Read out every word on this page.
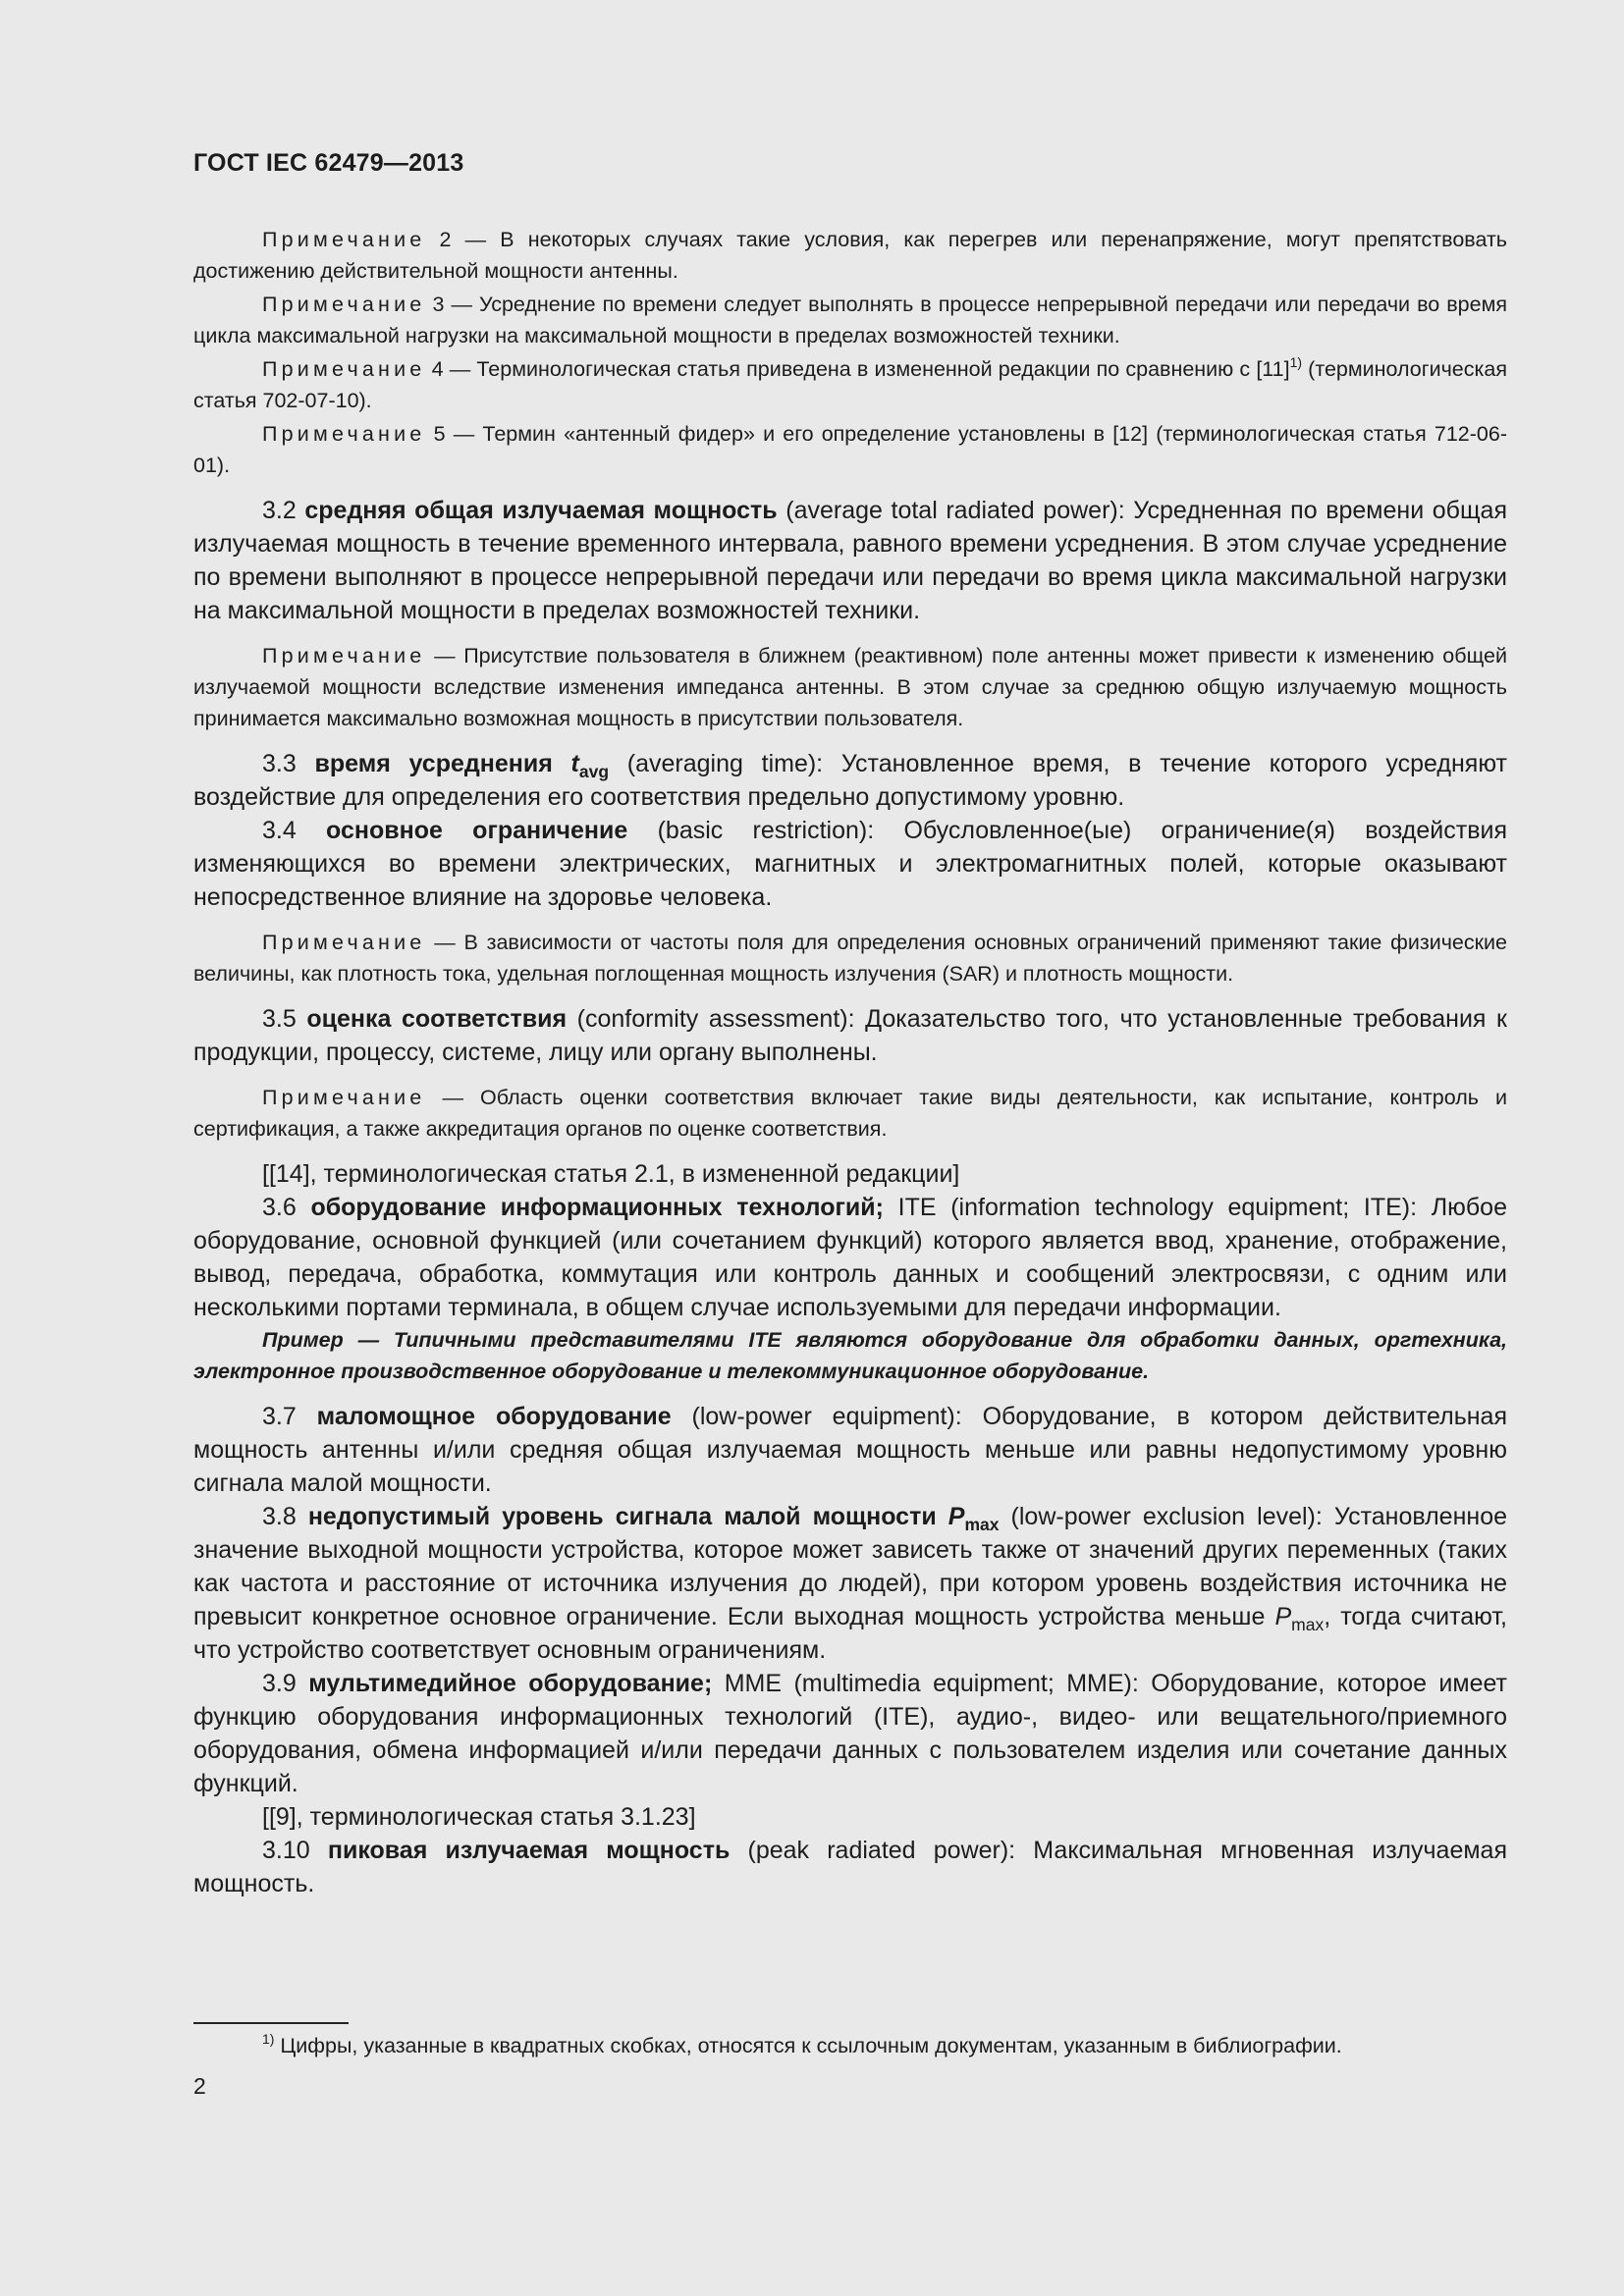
ГОСТ IEC 62479—2013

Примечание 2 — В некоторых случаях такие условия, как перегрев или перенапряжение, могут препятствовать достижению действительной мощности антенны.

Примечание 3 — Усреднение по времени следует выполнять в процессе непрерывной передачи или передачи во время цикла максимальной нагрузки на максимальной мощности в пределах возможностей техники.

Примечание 4 — Терминологическая статья приведена в измененной редакции по сравнению с $[11]^{1)}$ (терминологическая статья 702-07-10).

Примечание 5 — Термин «антенный фидер» и его определение установлены в [12] (терминологическая статья 712-06-01).

3.2 средняя общая излучаемая мощность (average total radiated power): Усредненная по времени общая излучаемая мощность в течение временного интервала, равного времени усреднения. В этом случае усреднение по времени выполняют в процессе непрерывной передачи или передачи во время цикла максимальной нагрузки на максимальной мощности в пределах возможностей техники.

Примечание — Присутствие пользователя в ближнем (реактивном) поле антенны может привести к изменению общей излучаемой мощности вследствие изменения импеданса антенны. В этом случае за среднюю общую излучаемую мощность принимается максимально возможная мощность в присутствии пользователя.

3.3 время усреднения $t_{avg}$ (averaging time): Установленное время, в течение которого усредняют воздействие для определения его соответствия предельно допустимому уровню.

3.4 основное ограничение (basic restriction): Обусловленное(ые) ограничение(я) воздействия изменяющихся во времени электрических, магнитных и электромагнитных полей, которые оказывают непосредственное влияние на здоровье человека.

Примечание — В зависимости от частоты поля для определения основных ограничений применяют такие физические величины, как плотность тока, удельная поглощенная мощность излучения (SAR) и плотность мощности.

3.5 оценка соответствия (conformity assessment): Доказательство того, что установленные требования к продукции, процессу, системе, лицу или органу выполнены.

Примечание — Область оценки соответствия включает такие виды деятельности, как испытание, контроль и сертификация, а также аккредитация органов по оценке соответствия.

[[14], терминологическая статья 2.1, в измененной редакции]

3.6 оборудование информационных технологий; ITE (information technology equipment; ITE): Любое оборудование, основной функцией (или сочетанием функций) которого является ввод, хранение, отображение, вывод, передача, обработка, коммутация или контроль данных и сообщений электросвязи, с одним или несколькими портами терминала, в общем случае используемыми для передачи информации.

Пример — Типичными представителями ITE являются оборудование для обработки данных, оргтехника, электронное производственное оборудование и телекоммуникационное оборудование.

3.7 маломощное оборудование (low-power equipment): Оборудование, в котором действительная мощность антенны и/или средняя общая излучаемая мощность меньше или равны недопустимому уровню сигнала малой мощности.

3.8 недопустимый уровень сигнала малой мощности $P_{max}$ (low-power exclusion level): Установленное значение выходной мощности устройства, которое может зависеть также от значений других переменных (таких как частота и расстояние от источника излучения до людей), при котором уровень воздействия источника не превысит конкретное основное ограничение. Если выходная мощность устройства меньше $P_{max}$, тогда считают, что устройство соответствует основным ограничениям.

3.9 мультимедийное оборудование; MME (multimedia equipment; MME): Оборудование, которое имеет функцию оборудования информационных технологий (ITE), аудио-, видео- или вещательного/приемного оборудования, обмена информацией и/или передачи данных с пользователем изделия или сочетание данных функций.

[[9], терминологическая статья 3.1.23]

3.10 пиковая излучаемая мощность (peak radiated power): Максимальная мгновенная излучаемая мощность.

$^{1)}$ Цифры, указанные в квадратных скобках, относятся к ссылочным документам, указанным в библиографии.
2
